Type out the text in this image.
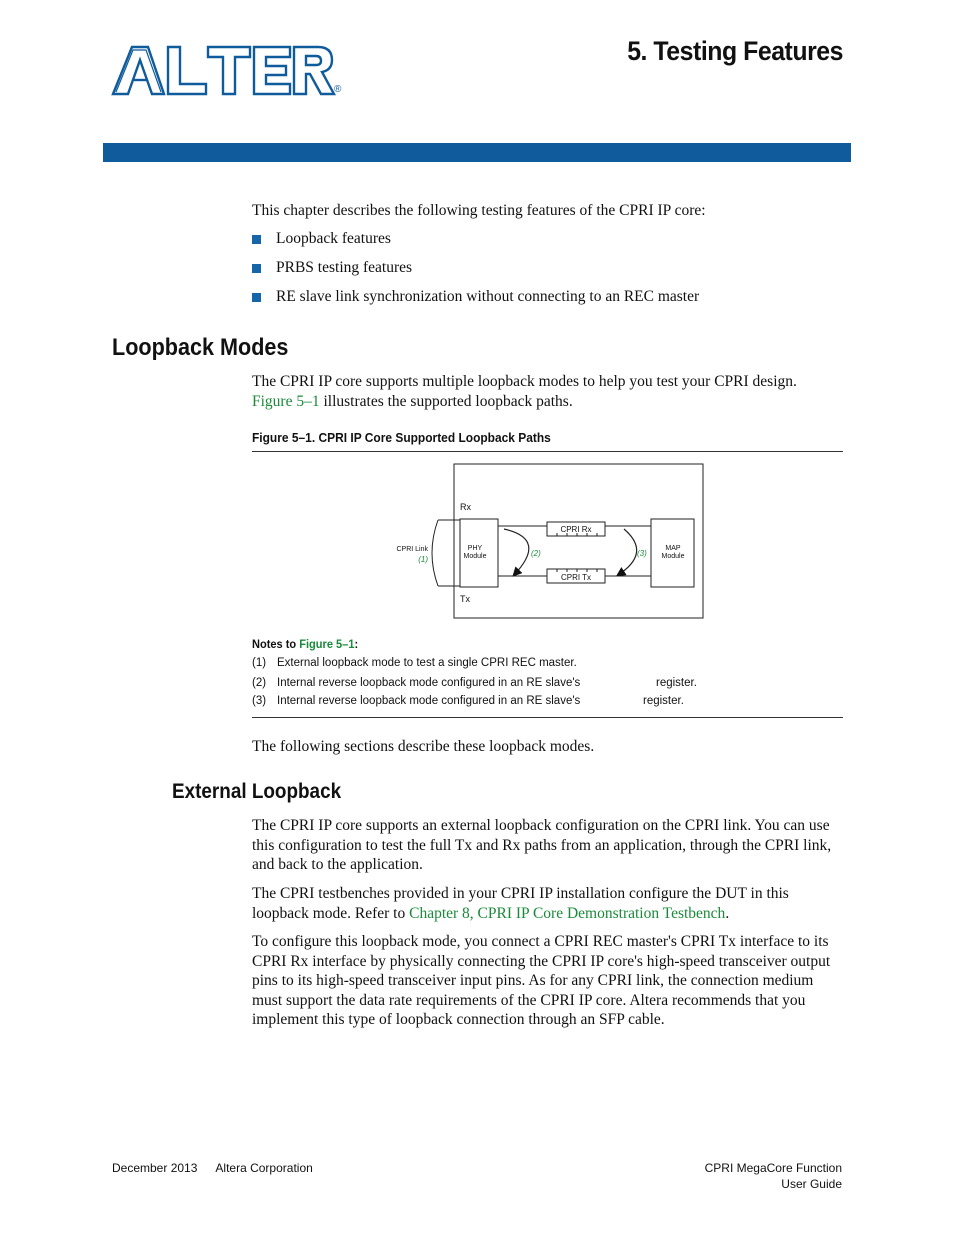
®
5. Testing Features
This chapter describes the following testing features of the CPRI IP core:
Loopback features
PRBS testing features
RE slave link synchronization without connecting to an REC master
Loopback Modes
The CPRI IP core supports multiple loopback modes to help you test your CPRI design. Figure 5–1 illustrates the supported loopback paths.
Figure 5–1. CPRI IP Core Supported Loopback Paths
Rx
Tx
PHY
Module
MAP
Module
CPRI Rx
CPRI Tx
CPRI Link
(1)
(2)	(3)
Notes to Figure 5–1:
(1) External loopback mode to test a single CPRI REC master.
(2) Internal reverse loopback mode configured in an RE slave's	register.
(3) Internal reverse loopback mode configured in an RE slave's	register.
The following sections describe these loopback modes.
External Loopback
The CPRI IP core supports an external loopback configuration on the CPRI link. You can use this configuration to test the full Tx and Rx paths from an application, through the CPRI link, and back to the application.
The CPRI testbenches provided in your CPRI IP installation configure the DUT in this loopback mode. Refer to Chapter 8, CPRI IP Core Demonstration Testbench.
To configure this loopback mode, you connect a CPRI REC master's CPRI Tx interface to its CPRI Rx interface by physically connecting the CPRI IP core's high-speed transceiver output pins to its high-speed transceiver input pins. As for any CPRI link, the connection medium must support the data rate requirements of the CPRI IP core. Altera recommends that you implement this type of loopback connection through an SFP cable.
December 2013 Altera Corporation	CPRI MegaCore Function
User Guide
